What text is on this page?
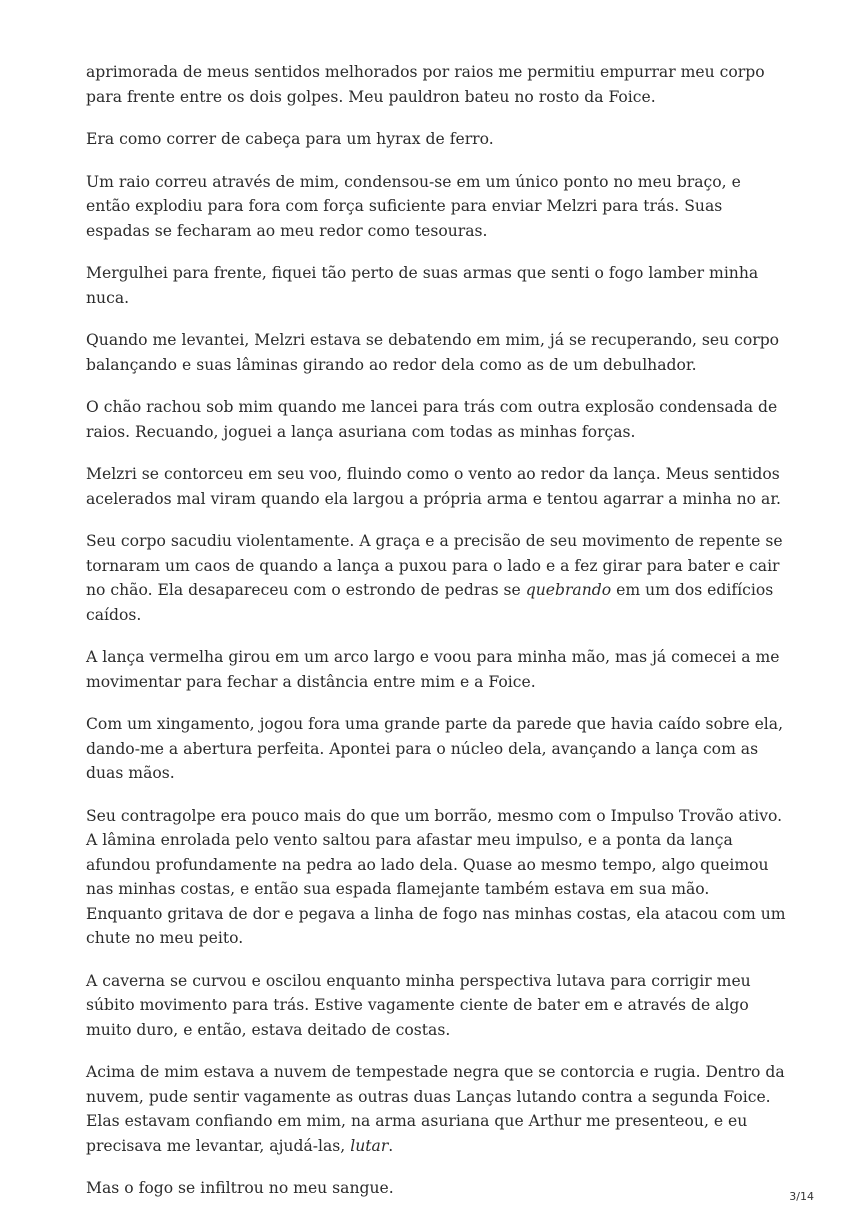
aprimorada de meus sentidos melhorados por raios me permitiu empurrar meu corpo para frente entre os dois golpes. Meu pauldron bateu no rosto da Foice.

Era como correr de cabeça para um hyrax de ferro.

Um raio correu através de mim, condensou-se em um único ponto no meu braço, e então explodiu para fora com força suficiente para enviar Melzri para trás. Suas espadas se fecharam ao meu redor como tesouras.

Mergulhei para frente, fiquei tão perto de suas armas que senti o fogo lamber minha nuca.

Quando me levantei, Melzri estava se debatendo em mim, já se recuperando, seu corpo balançando e suas lâminas girando ao redor dela como as de um debulhador.

O chão rachou sob mim quando me lancei para trás com outra explosão condensada de raios. Recuando, joguei a lança asuriana com todas as minhas forças.

Melzri se contorceu em seu voo, fluindo como o vento ao redor da lança. Meus sentidos acelerados mal viram quando ela largou a própria arma e tentou agarrar a minha no ar.

Seu corpo sacudiu violentamente. A graça e a precisão de seu movimento de repente se tornaram um caos de quando a lança a puxou para o lado e a fez girar para bater e cair no chão. Ela desapareceu com o estrondo de pedras se quebrando em um dos edifícios caídos.

A lança vermelha girou em um arco largo e voou para minha mão, mas já comecei a me movimentar para fechar a distância entre mim e a Foice.

Com um xingamento, jogou fora uma grande parte da parede que havia caído sobre ela, dando-me a abertura perfeita. Apontei para o núcleo dela, avançando a lança com as duas mãos.

Seu contragolpe era pouco mais do que um borrão, mesmo com o Impulso Trovão ativo. A lâmina enrolada pelo vento saltou para afastar meu impulso, e a ponta da lança afundou profundamente na pedra ao lado dela. Quase ao mesmo tempo, algo queimou nas minhas costas, e então sua espada flamejante também estava em sua mão. Enquanto gritava de dor e pegava a linha de fogo nas minhas costas, ela atacou com um chute no meu peito.

A caverna se curvou e oscilou enquanto minha perspectiva lutava para corrigir meu súbito movimento para trás. Estive vagamente ciente de bater em e através de algo muito duro, e então, estava deitado de costas.

Acima de mim estava a nuvem de tempestade negra que se contorcia e rugia. Dentro da nuvem, pude sentir vagamente as outras duas Lanças lutando contra a segunda Foice. Elas estavam confiando em mim, na arma asuriana que Arthur me presenteou, e eu precisava me levantar, ajudá-las, lutar.

Mas o fogo se infiltrou no meu sangue.	3/14
